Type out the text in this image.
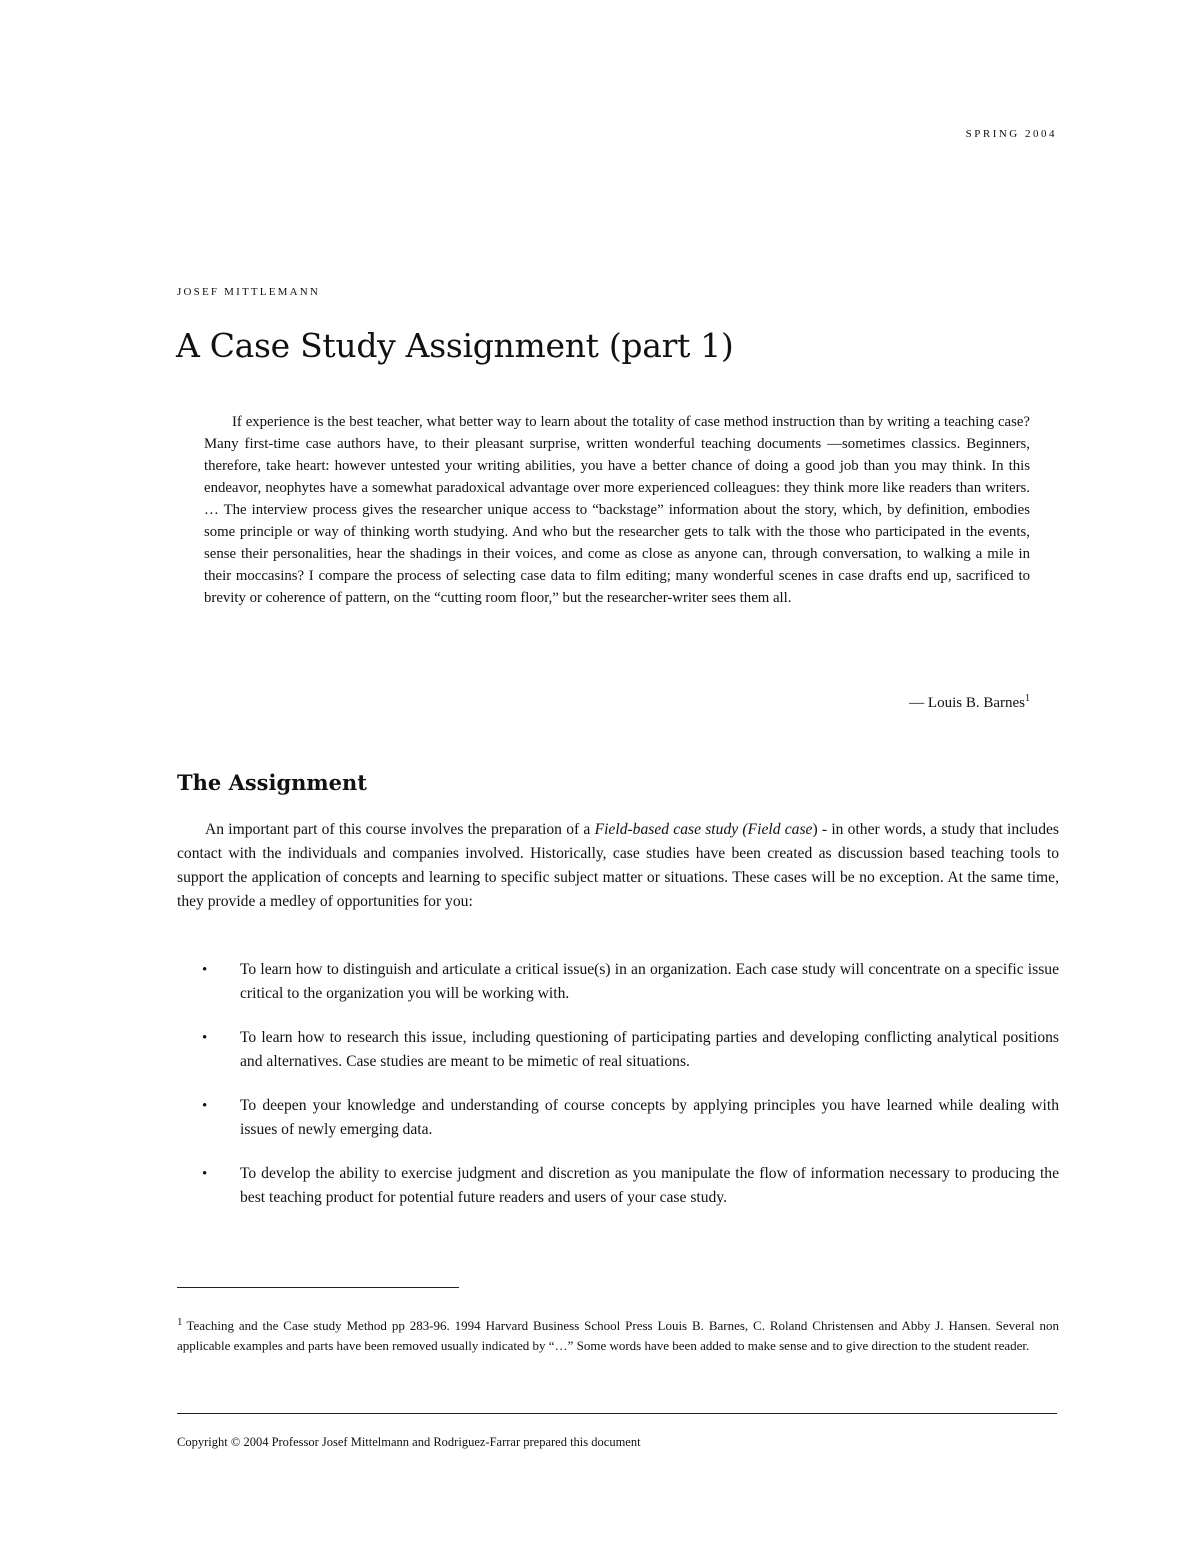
SPRING 2004
JOSEF MITTLEMANN
A Case Study Assignment (part 1)

If experience is the best teacher, what better way to learn about the totality of case method instruction than by writing a teaching case? Many first-time case authors have, to their pleasant surprise, written wonderful teaching documents —sometimes classics. Beginners, therefore, take heart: however untested your writing abilities, you have a better chance of doing a good job than you may think. In this endeavor, neophytes have a somewhat paradoxical advantage over more experienced colleagues: they think more like readers than writers. … The interview process gives the researcher unique access to “backstage” information about the story, which, by definition, embodies some principle or way of thinking worth studying. And who but the researcher gets to talk with the those who participated in the events, sense their personalities, hear the shadings in their voices, and come as close as anyone can, through conversation, to walking a mile in their moccasins? I compare the process of selecting case data to film editing; many wonderful scenes in case drafts end up, sacrificed to brevity or coherence of pattern, on the “cutting room floor,” but the researcher-writer sees them all.

— Louis B. Barnes$^1$
The Assignment

An important part of this course involves the preparation of a Field-based case study (Field case) - in other words, a study that includes contact with the individuals and companies involved. Historically, case studies have been created as discussion based teaching tools to support the application of concepts and learning to specific subject matter or situations. These cases will be no exception. At the same time, they provide a medley of opportunities for you:

• To learn how to distinguish and articulate a critical issue(s) in an organization. Each case study will concentrate on a specific issue critical to the organization you will be working with.
• To learn how to research this issue, including questioning of participating parties and developing conflicting analytical positions and alternatives. Case studies are meant to be mimetic of real situations.
• To deepen your knowledge and understanding of course concepts by applying principles you have learned while dealing with issues of newly emerging data.
• To develop the ability to exercise judgment and discretion as you manipulate the flow of information necessary to producing the best teaching product for potential future readers and users of your case study.

$^1$ Teaching and the Case study Method pp 283-96. 1994 Harvard Business School Press Louis B. Barnes, C. Roland Christensen and Abby J. Hansen. Several non applicable examples and parts have been removed usually indicated by “…” Some words have been added to make sense and to give direction to the student reader.

Copyright © 2004 Professor Josef Mittelmann and Rodriguez-Farrar prepared this document
